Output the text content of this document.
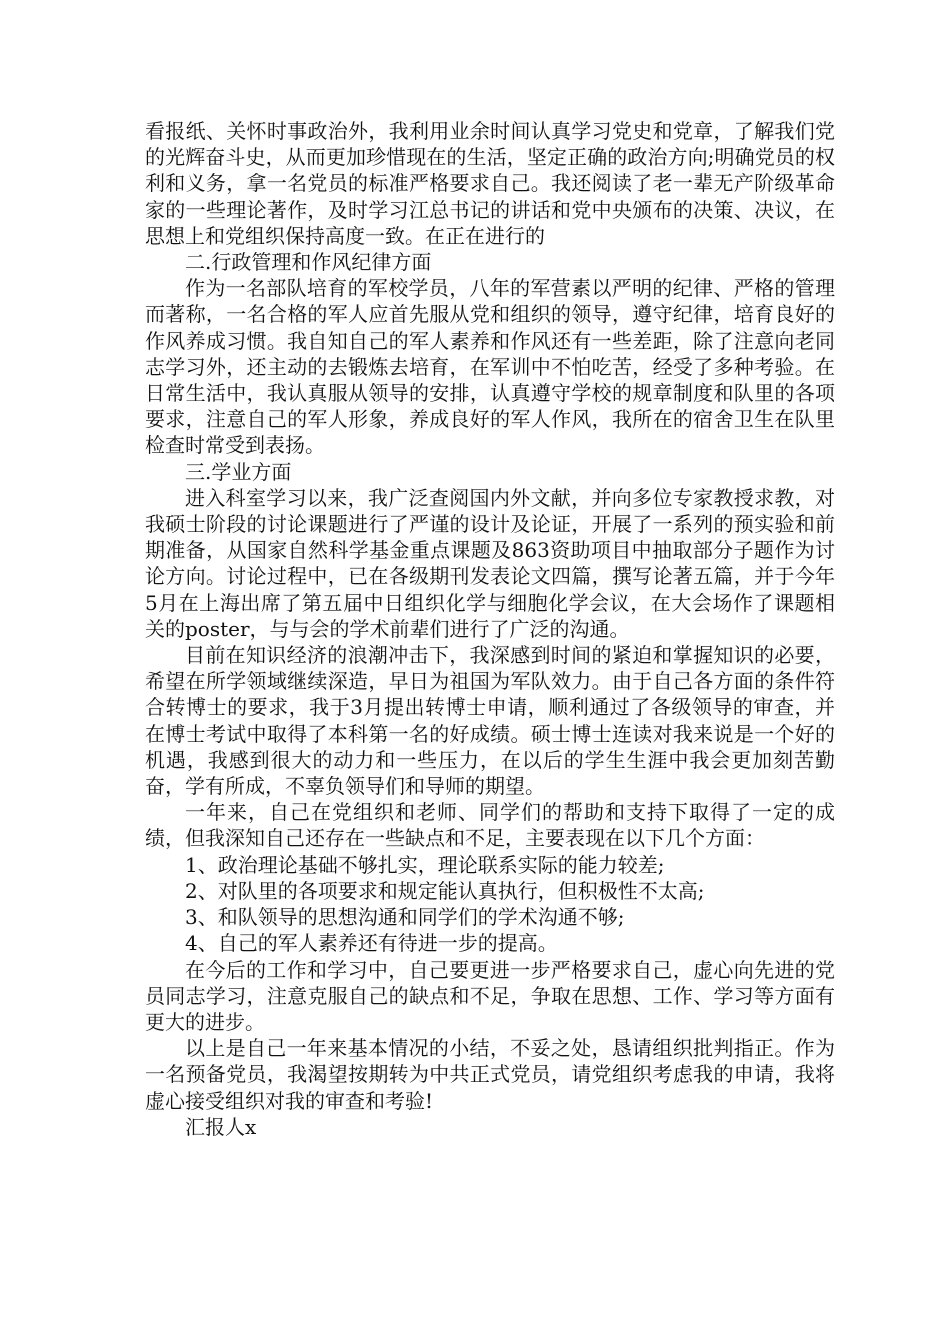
看报纸、关怀时事政治外，我利用业余时间认真学习党史和党章，了解我们党的光辉奋斗史，从而更加珍惜现在的生活，坚定正确的政治方向;明确党员的权利和义务，拿一名党员的标准严格要求自己。我还阅读了老一辈无产阶级革命家的一些理论著作，及时学习江总书记的讲话和党中央颁布的决策、决议，在思想上和党组织保持高度一致。在正在进行的

二.行政管理和作风纪律方面

作为一名部队培育的军校学员，八年的军营素以严明的纪律、严格的管理而著称，一名合格的军人应首先服从党和组织的领导，遵守纪律，培育良好的作风养成习惯。我自知自己的军人素养和作风还有一些差距，除了注意向老同志学习外，还主动的去锻炼去培育，在军训中不怕吃苦，经受了多种考验。在日常生活中，我认真服从领导的安排，认真遵守学校的规章制度和队里的各项要求，注意自己的军人形象，养成良好的军人作风，我所在的宿舍卫生在队里检查时常受到表扬。

三.学业方面

进入科室学习以来，我广泛查阅国内外文献，并向多位专家教授求教，对我硕士阶段的讨论课题进行了严谨的设计及论证，开展了一系列的预实验和前期准备，从国家自然科学基金重点课题及863资助项目中抽取部分子题作为讨论方向。讨论过程中，已在各级期刊发表论文四篇，撰写论著五篇，并于今年5月在上海出席了第五届中日组织化学与细胞化学会议，在大会场作了课题相关的poster，与与会的学术前辈们进行了广泛的沟通。

目前在知识经济的浪潮冲击下，我深感到时间的紧迫和掌握知识的必要，希望在所学领域继续深造，早日为祖国为军队效力。由于自己各方面的条件符合转博士的要求，我于3月提出转博士申请，顺利通过了各级领导的审查，并在博士考试中取得了本科第一名的好成绩。硕士博士连读对我来说是一个好的机遇，我感到很大的动力和一些压力，在以后的学生生涯中我会更加刻苦勤奋，学有所成，不辜负领导们和导师的期望。

一年来，自己在党组织和老师、同学们的帮助和支持下取得了一定的成绩，但我深知自己还存在一些缺点和不足，主要表现在以下几个方面：

1、政治理论基础不够扎实，理论联系实际的能力较差;

2、对队里的各项要求和规定能认真执行，但积极性不太高;

3、和队领导的思想沟通和同学们的学术沟通不够;

4、自己的军人素养还有待进一步的提高。

在今后的工作和学习中，自己要更进一步严格要求自己，虚心向先进的党员同志学习，注意克服自己的缺点和不足，争取在思想、工作、学习等方面有更大的进步。

以上是自己一年来基本情况的小结，不妥之处，恳请组织批判指正。作为一名预备党员，我渴望按期转为中共正式党员，请党组织考虑我的申请，我将虚心接受组织对我的审查和考验!

汇报人x
